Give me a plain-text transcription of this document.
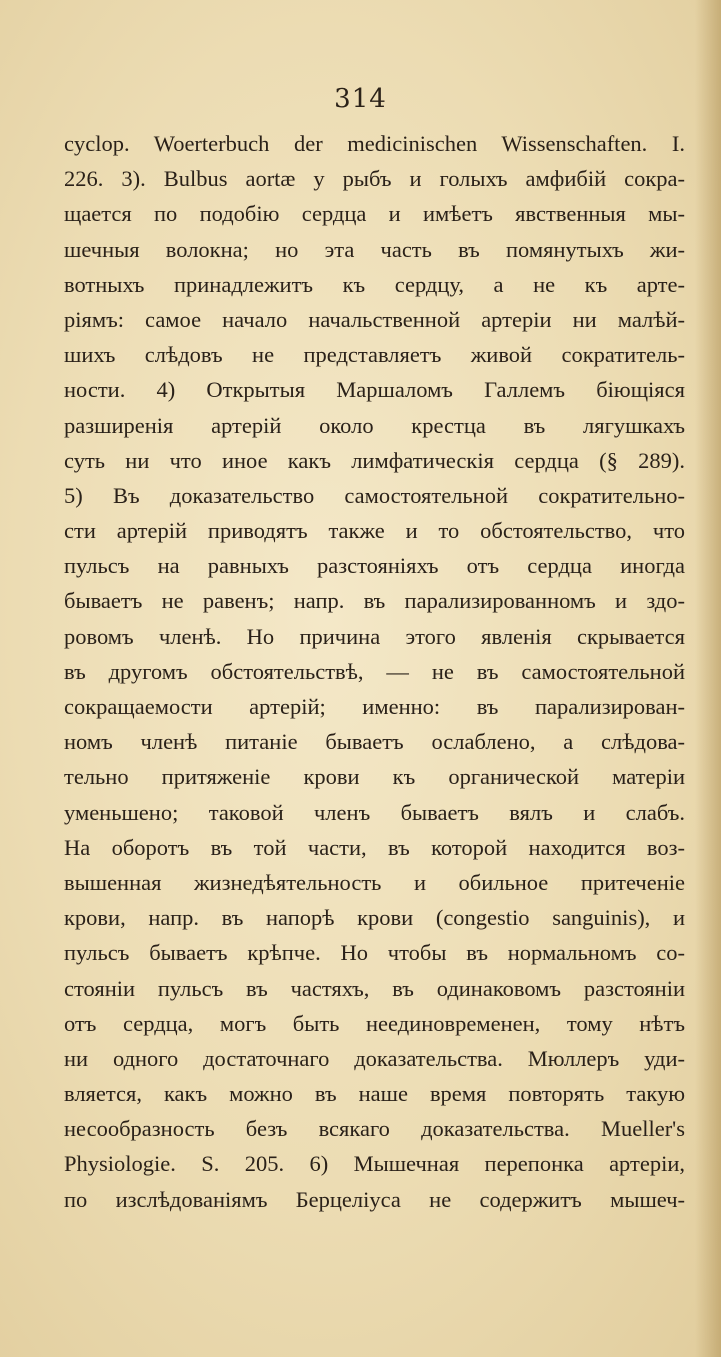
314
cyclop. Woerterbuch der medicinischen Wissenschaften. I.
226. 3). Bulbus aortæ у рыбъ и голыхъ амфибій сокра-
щается по подобію сердца и имѣетъ явственныя мы-
шечныя волокна; но эта часть въ помянутыхъ жи-
вотныхъ принадлежитъ къ сердцу, а не къ арте-
ріямъ: самое начало начальственной артеріи ни малѣй-
шихъ слѣдовъ не представляетъ живой сократитель-
ности. 4) Открытыя Маршаломъ Галлемъ біющіяся
разширенія артерій около крестца въ лягушкахъ
суть ни что иное какъ лимфатическія сердца (§ 289).
5) Въ доказательство самостоятельной сократительно-
сти артерій приводятъ также и то обстоятельство, что
пульсъ на равныхъ разстояніяхъ отъ сердца иногда
бываетъ не равенъ; напр. въ парализированномъ и здо-
ровомъ членѣ. Но причина этого явленія скрывается
въ другомъ обстоятельствѣ, — не въ самостоятельной
сокращаемости артерій; именно: въ парализирован-
номъ членѣ питаніе бываетъ ослаблено, а слѣдова-
тельно притяженіе крови къ органической матеріи
уменьшено; таковой членъ бываетъ вялъ и слабъ.
На оборотъ въ той части, въ которой находится воз-
вышенная жизнедѣятельность и обильное притеченіе
крови, напр. въ напорѣ крови (congestio sanguinis), и
пульсъ бываетъ крѣпче. Но чтобы въ нормальномъ со-
стояніи пульсъ въ частяхъ, въ одинаковомъ разстояніи
отъ сердца, могъ быть неединовременен, тому нѣтъ
ни одного достаточнаго доказательства. Мюллеръ уди-
вляется, какъ можно въ наше время повторять такую
несообразность безъ всякаго доказательства. Mueller's
Physiologie. S. 205. 6) Мышечная перепонка артеріи,
по изслѣдованіямъ Берцеліуса не содержитъ мышеч-
